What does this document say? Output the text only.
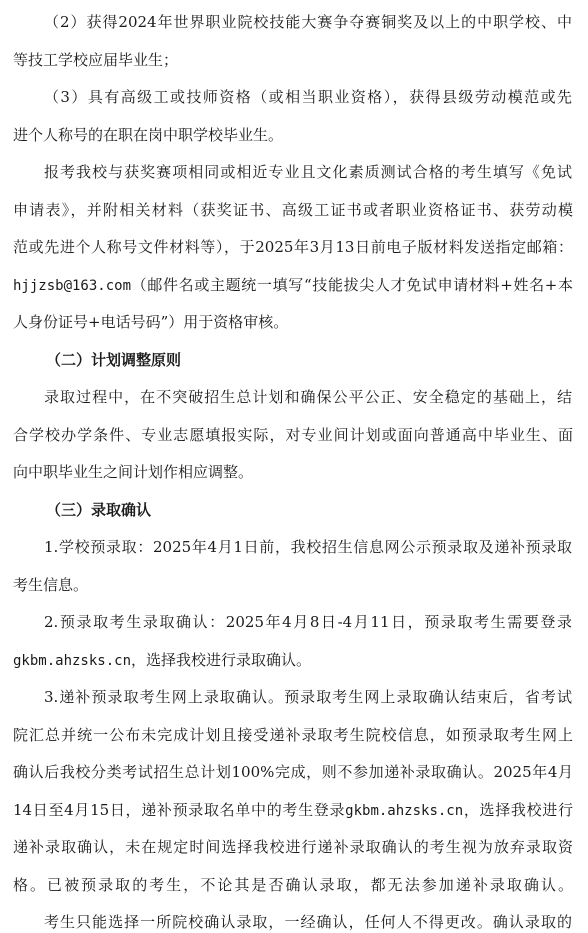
（2）获得2024年世界职业院校技能大赛争夺赛铜奖及以上的中职学校、中
等技工学校应届毕业生；
（3）具有高级工或技师资格（或相当职业资格），获得县级劳动模范或先
进个人称号的在职在岗中职学校毕业生。
报考我校与获奖赛项相同或相近专业且文化素质测试合格的考生填写《免试
申请表》，并附相关材料（获奖证书、高级工证书或者职业资格证书、获劳动模
范或先进个人称号文件材料等），于2025年3月13日前电子版材料发送指定邮箱：
hjjzsb@163.com（邮件名或主题统一填写“技能拔尖人才免试申请材料+姓名+本
人身份证号+电话号码”）用于资格审核。
（二）计划调整原则
录取过程中，在不突破招生总计划和确保公平公正、安全稳定的基础上，结
合学校办学条件、专业志愿填报实际，对专业间计划或面向普通高中毕业生、面
向中职毕业生之间计划作相应调整。
（三）录取确认
1.学校预录取：2025年4月1日前，我校招生信息网公示预录取及递补预录取
考生信息。
2.预录取考生录取确认：2025年4月8日-4月11日，预录取考生需要登录
gkbm.ahzsks.cn，选择我校进行录取确认。
3.递补预录取考生网上录取确认。预录取考生网上录取确认结束后，省考试
院汇总并统一公布未完成计划且接受递补录取考生院校信息，如预录取考生网上
确认后我校分类考试招生总计划100%完成，则不参加递补录取确认。2025年4月
14日至4月15日，递补预录取名单中的考生登录gkbm.ahzsks.cn，选择我校进行
递补录取确认，未在规定时间选择我校进行递补录取确认的考生视为放弃录取资
格。已被预录取的考生，不论其是否确认录取，都无法参加递补录取确认。
考生只能选择一所院校确认录取，一经确认，任何人不得更改。确认录取的
